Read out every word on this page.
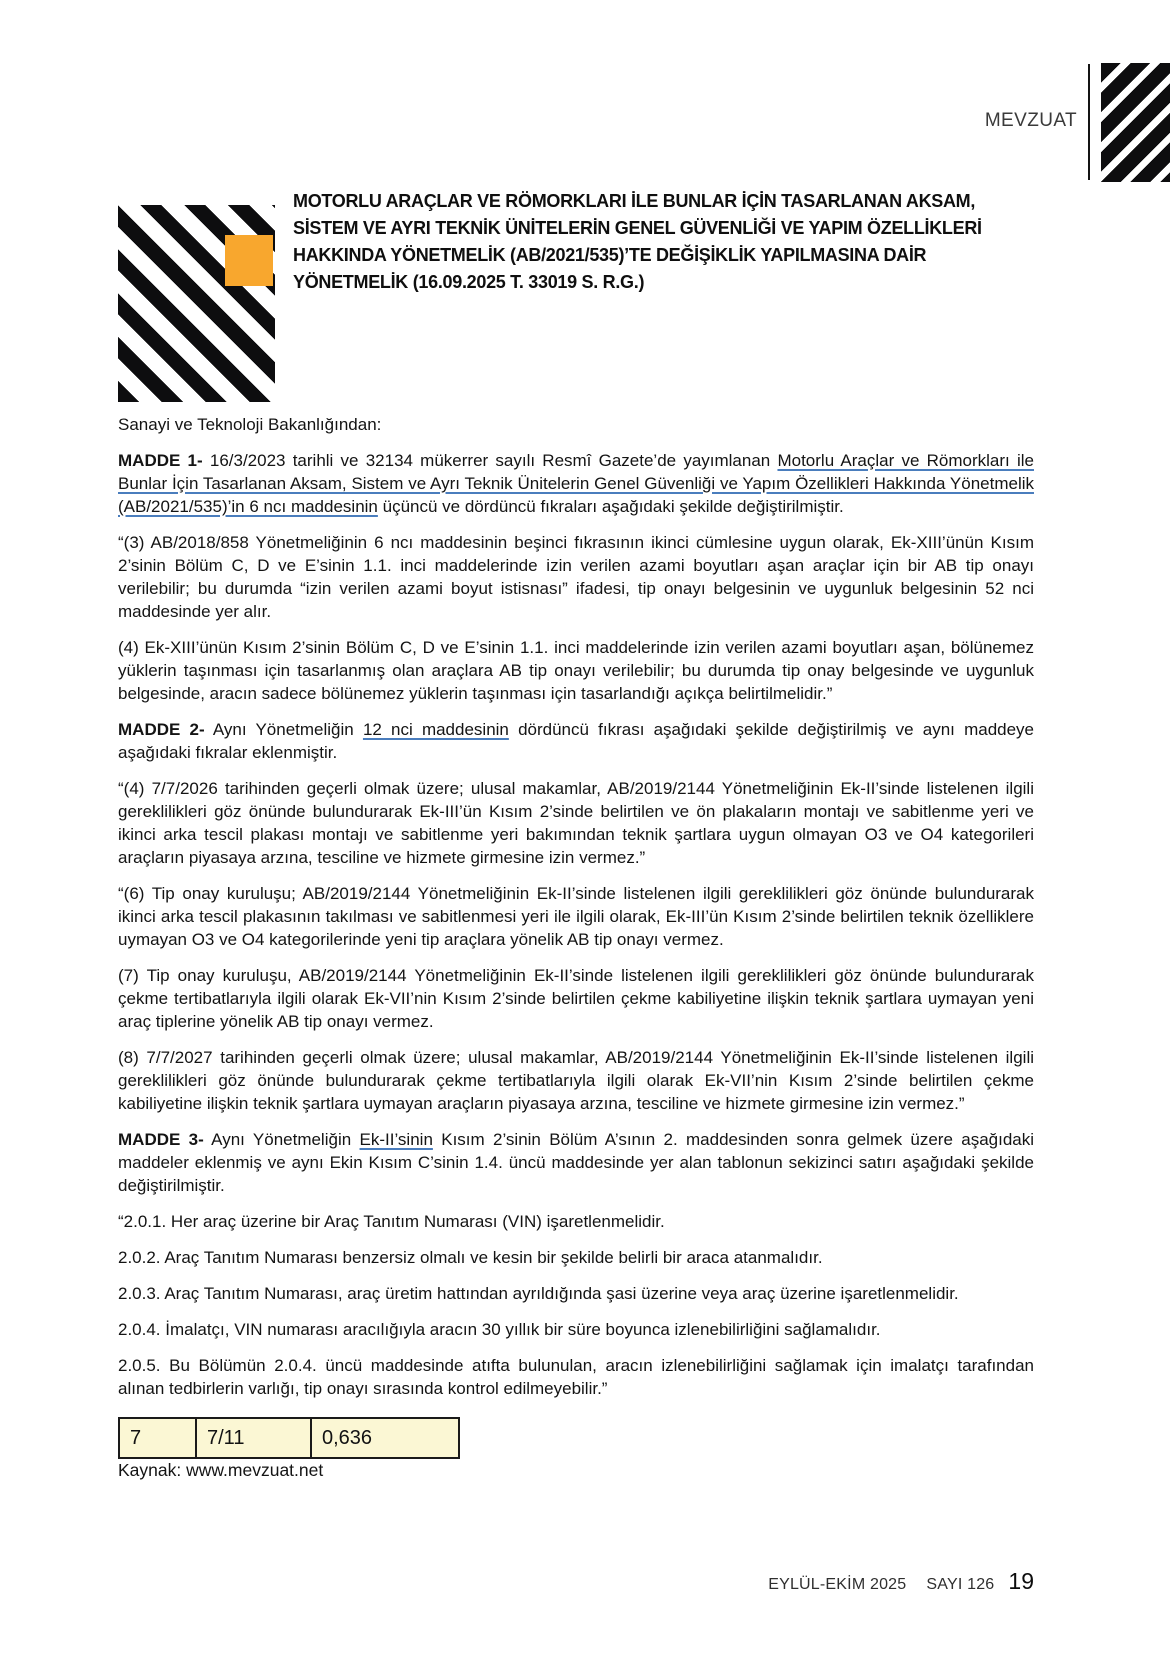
MEVZUAT
MOTORLU ARAÇLAR VE RÖMORKLARI İLE BUNLAR İÇİN TASARLANAN AKSAM,
SİSTEM VE AYRI TEKNİK ÜNİTELERİN GENEL GÜVENLİĞİ VE YAPIM ÖZELLİKLERİ
HAKKINDA YÖNETMELİK (AB/2021/535)’TE DEĞİŞİKLİK YAPILMASINA DAİR
YÖNETMELİK (16.09.2025 T. 33019 S. R.G.)

Sanayi ve Teknoloji Bakanlığından:

MADDE 1- 16/3/2023 tarihli ve 32134 mükerrer sayılı Resmî Gazete’de yayımlanan Motorlu Araçlar ve Römorkları ile Bunlar İçin Tasarlanan Aksam, Sistem ve Ayrı Teknik Ünitelerin Genel Güvenliği ve Yapım Özellikleri Hakkında Yönetmelik (AB/2021/535)’in 6 ncı maddesinin üçüncü ve dördüncü fıkraları aşağıdaki şekilde değiştirilmiştir.

“(3) AB/2018/858 Yönetmeliğinin 6 ncı maddesinin beşinci fıkrasının ikinci cümlesine uygun olarak, Ek-XIII’ünün Kısım 2’sinin Bölüm C, D ve E’sinin 1.1. inci maddelerinde izin verilen azami boyutları aşan araçlar için bir AB tip onayı verilebilir; bu durumda “izin verilen azami boyut istisnası” ifadesi, tip onayı belgesinin ve uygunluk belgesinin 52 nci maddesinde yer alır.

(4) Ek-XIII’ünün Kısım 2’sinin Bölüm C, D ve E’sinin 1.1. inci maddelerinde izin verilen azami boyutları aşan, bölünemez yüklerin taşınması için tasarlanmış olan araçlara AB tip onayı verilebilir; bu durumda tip onay belgesinde ve uygunluk belgesinde, aracın sadece bölünemez yüklerin taşınması için tasarlandığı açıkça belirtilmelidir.”

MADDE 2- Aynı Yönetmeliğin 12 nci maddesinin dördüncü fıkrası aşağıdaki şekilde değiştirilmiş ve aynı maddeye aşağıdaki fıkralar eklenmiştir.

“(4) 7/7/2026 tarihinden geçerli olmak üzere; ulusal makamlar, AB/2019/2144 Yönetmeliğinin Ek-II’sinde listelenen ilgili gereklilikleri göz önünde bulundurarak Ek-III’ün Kısım 2’sinde belirtilen ve ön plakaların montajı ve sabitlenme yeri ve ikinci arka tescil plakası montajı ve sabitlenme yeri bakımından teknik şartlara uygun olmayan O3 ve O4 kategorileri araçların piyasaya arzına, tesciline ve hizmete girmesine izin vermez.”

“(6) Tip onay kuruluşu; AB/2019/2144 Yönetmeliğinin Ek-II’sinde listelenen ilgili gereklilikleri göz önünde bulundurarak ikinci arka tescil plakasının takılması ve sabitlenmesi yeri ile ilgili olarak, Ek-III’ün Kısım 2’sinde belirtilen teknik özelliklere uymayan O3 ve O4 kategorilerinde yeni tip araçlara yönelik AB tip onayı vermez.

(7) Tip onay kuruluşu, AB/2019/2144 Yönetmeliğinin Ek-II’sinde listelenen ilgili gereklilikleri göz önünde bulundurarak çekme tertibatlarıyla ilgili olarak Ek-VII’nin Kısım 2’sinde belirtilen çekme kabiliyetine ilişkin teknik şartlara uymayan yeni araç tiplerine yönelik AB tip onayı vermez.

(8) 7/7/2027 tarihinden geçerli olmak üzere; ulusal makamlar, AB/2019/2144 Yönetmeliğinin Ek-II’sinde listelenen ilgili gereklilikleri göz önünde bulundurarak çekme tertibatlarıyla ilgili olarak Ek-VII’nin Kısım 2’sinde belirtilen çekme kabiliyetine ilişkin teknik şartlara uymayan araçların piyasaya arzına, tesciline ve hizmete girmesine izin vermez.”

MADDE 3- Aynı Yönetmeliğin Ek-II’sinin Kısım 2’sinin Bölüm A’sının 2. maddesinden sonra gelmek üzere aşağıdaki maddeler eklenmiş ve aynı Ekin Kısım C’sinin 1.4. üncü maddesinde yer alan tablonun sekizinci satırı aşağıdaki şekilde değiştirilmiştir.

“2.0.1. Her araç üzerine bir Araç Tanıtım Numarası (VIN) işaretlenmelidir.

2.0.2. Araç Tanıtım Numarası benzersiz olmalı ve kesin bir şekilde belirli bir araca atanmalıdır.

2.0.3. Araç Tanıtım Numarası, araç üretim hattından ayrıldığında şasi üzerine veya araç üzerine işaretlenmelidir.

2.0.4. İmalatçı, VIN numarası aracılığıyla aracın 30 yıllık bir süre boyunca izlenebilirliğini sağlamalıdır.

2.0.5. Bu Bölümün 2.0.4. üncü maddesinde atıfta bulunulan, aracın izlenebilirliğini sağlamak için imalatçı tarafından alınan tedbirlerin varlığı, tip onayı sırasında kontrol edilmeyebilir.”

7	7/11	0,636

Kaynak: www.mevzuat.net

EYLÜL-EKİM 2025 SAYI 126 19
